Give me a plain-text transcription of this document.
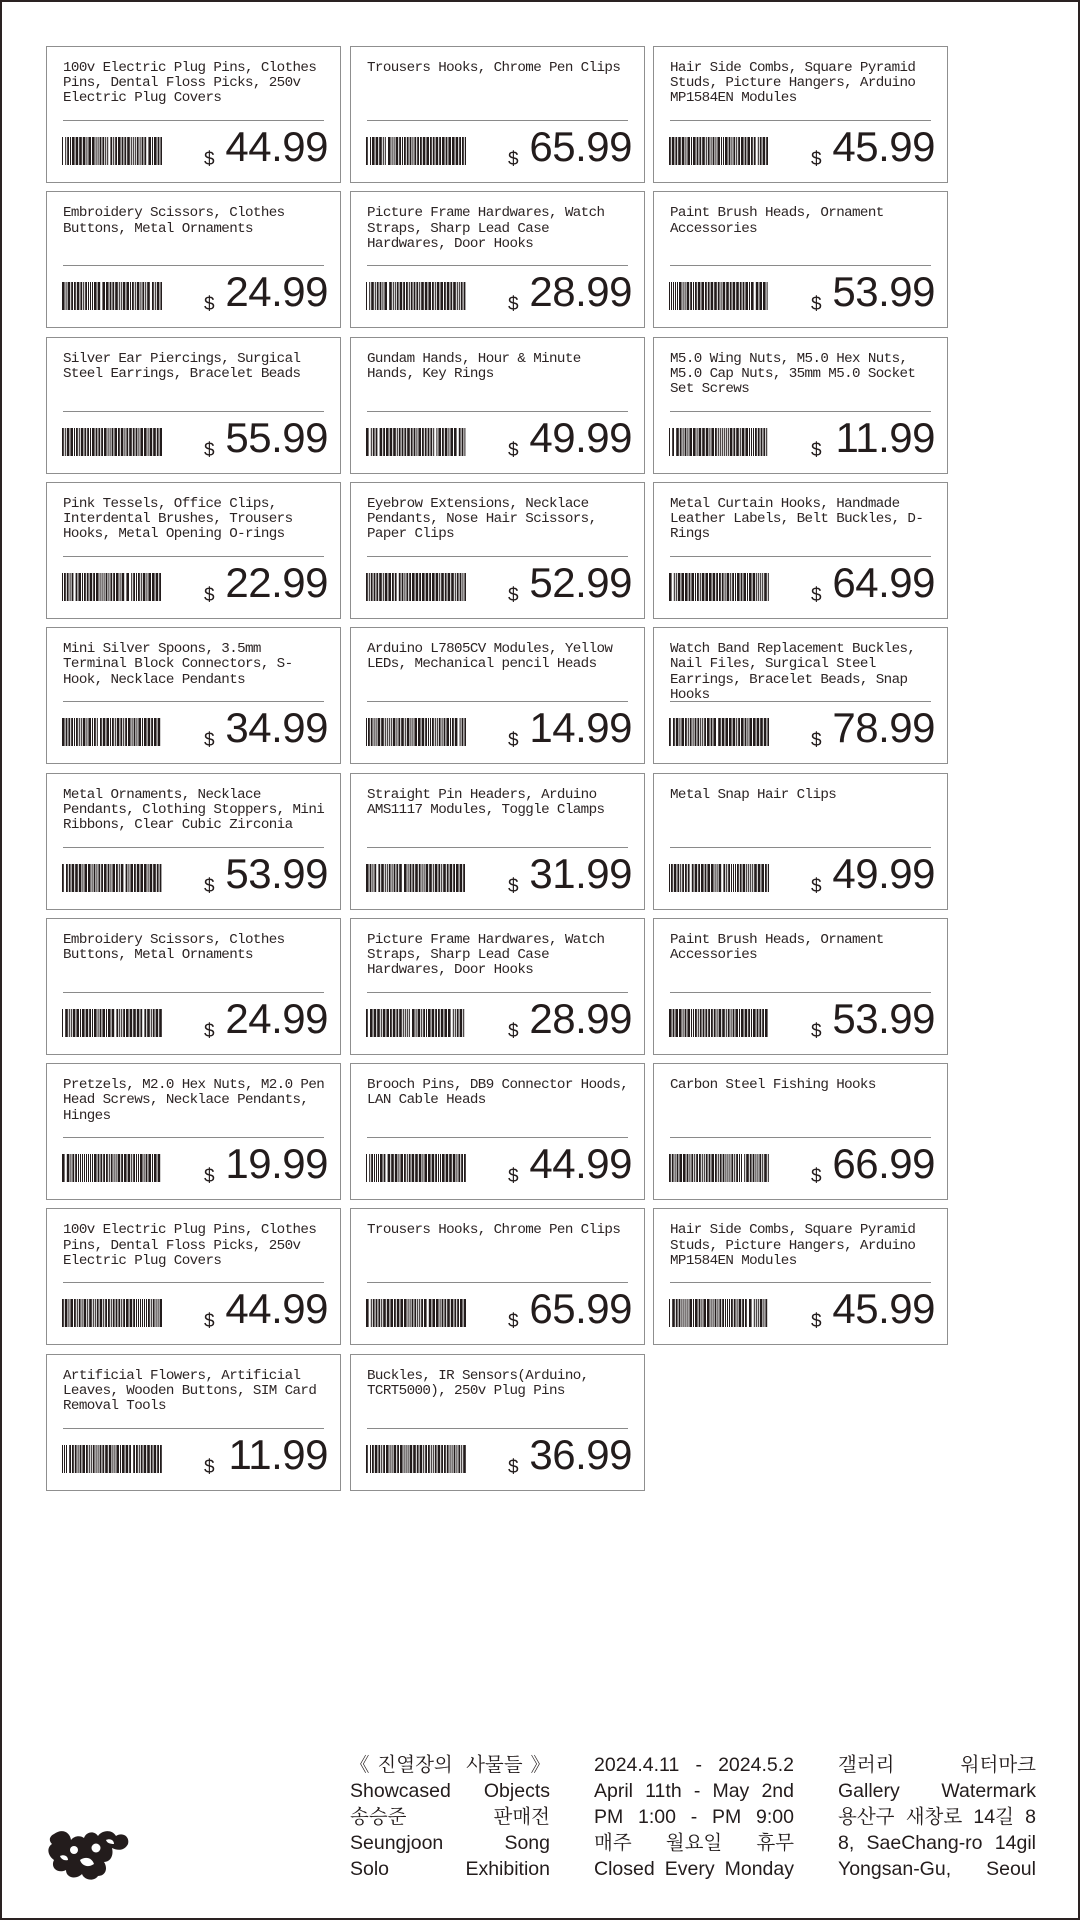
100v Electric Plug Pins, Clothes Pins, Dental Floss Picks, 250v Electric Plug Covers
$ 44.99
Trousers Hooks, Chrome Pen Clips
$ 65.99
Hair Side Combs, Square Pyramid Studs, Picture Hangers, Arduino MP1584EN Modules
$ 45.99
Embroidery Scissors, Clothes Buttons, Metal Ornaments
$ 24.99
Picture Frame Hardwares, Watch Straps, Sharp Lead Case Hardwares, Door Hooks
$ 28.99
Paint Brush Heads, Ornament Accessories
$ 53.99
Silver Ear Piercings, Surgical Steel Earrings, Bracelet Beads
$ 55.99
Gundam Hands, Hour & Minute Hands, Key Rings
$ 49.99
M5.0 Wing Nuts, M5.0 Hex Nuts, M5.0 Cap Nuts, 35mm M5.0 Socket Set Screws
$ 11.99
Pink Tessels, Office Clips, Interdental Brushes, Trousers Hooks, Metal Opening O-rings
$ 22.99
Eyebrow Extensions, Necklace Pendants, Nose Hair Scissors, Paper Clips
$ 52.99
Metal Curtain Hooks, Handmade Leather Labels, Belt Buckles, D-Rings
$ 64.99
Mini Silver Spoons, 3.5mm Terminal Block Connectors, S-Hook, Necklace Pendants
$ 34.99
Arduino L7805CV Modules, Yellow LEDs, Mechanical pencil Heads
$ 14.99
Watch Band Replacement Buckles, Nail Files, Surgical Steel Earrings, Bracelet Beads, Snap Hooks
$ 78.99
Metal Ornaments, Necklace Pendants, Clothing Stoppers, Mini Ribbons, Clear Cubic Zirconia
$ 53.99
Straight Pin Headers, Arduino AMS1117 Modules, Toggle Clamps
$ 31.99
Metal Snap Hair Clips
$ 49.99
Embroidery Scissors, Clothes Buttons, Metal Ornaments
$ 24.99
Picture Frame Hardwares, Watch Straps, Sharp Lead Case Hardwares, Door Hooks
$ 28.99
Paint Brush Heads, Ornament Accessories
$ 53.99
Pretzels, M2.0 Hex Nuts, M2.0 Pen Head Screws, Necklace Pendants, Hinges
$ 19.99
Brooch Pins, DB9 Connector Hoods, LAN Cable Heads
$ 44.99
Carbon Steel Fishing Hooks
$ 66.99
100v Electric Plug Pins, Clothes Pins, Dental Floss Picks, 250v Electric Plug Covers
$ 44.99
Trousers Hooks, Chrome Pen Clips
$ 65.99
Hair Side Combs, Square Pyramid Studs, Picture Hangers, Arduino MP1584EN Modules
$ 45.99
Artificial Flowers, Artificial Leaves, Wooden Buttons, SIM Card Removal Tools
$ 11.99
Buckles, IR Sensors(Arduino, TCRT5000), 250v Plug Pins
$ 36.99
《진열장의 사물들》
Showcased Objects
송승준 판매전
Seungjoon Song
Solo Exhibition
2024.4.11 - 2024.5.2
April 11th - May 2nd
PM 1:00 - PM 9:00
매주 월요일 휴무
Closed Every Monday
갤러리 워터마크
Gallery Watermark
용산구 새창로 14길 8
8, SaeChang-ro 14gil
Yongsan-Gu, Seoul
